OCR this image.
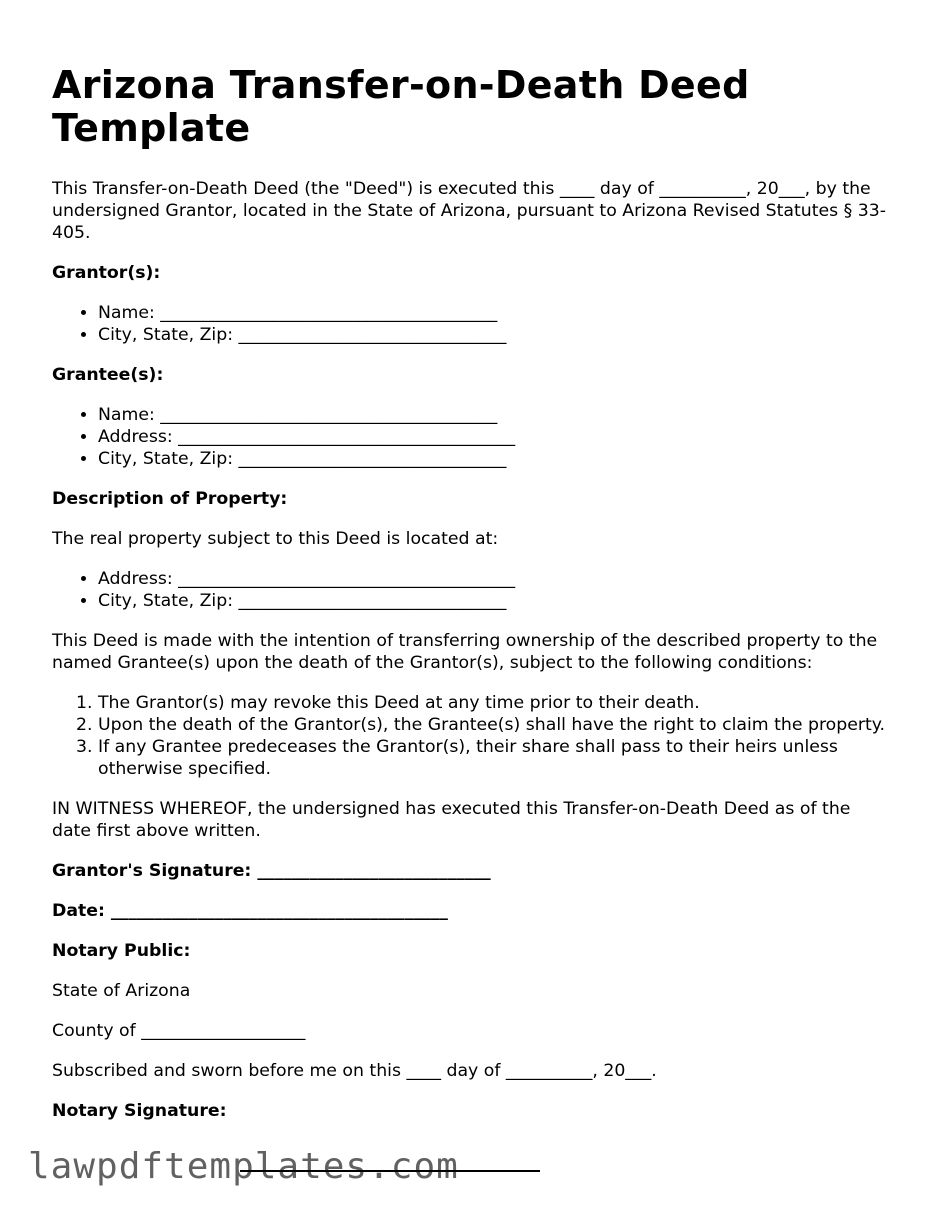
Arizona Transfer-on-Death Deed Template

This Transfer-on-Death Deed (the "Deed") is executed this ____ day of __________, 20___, by the undersigned Grantor, located in the State of Arizona, pursuant to Arizona Revised Statutes § 33-405.

Grantor(s):

• Name: _______________________________________
• City, State, Zip: _______________________________

Grantee(s):

• Name: _______________________________________
• Address: _______________________________________
• City, State, Zip: _______________________________

Description of Property:

The real property subject to this Deed is located at:

• Address: _______________________________________
• City, State, Zip: _______________________________

This Deed is made with the intention of transferring ownership of the described property to the named Grantee(s) upon the death of the Grantor(s), subject to the following conditions:

1. The Grantor(s) may revoke this Deed at any time prior to their death.
2. Upon the death of the Grantor(s), the Grantee(s) shall have the right to claim the property.
3. If any Grantee predeceases the Grantor(s), their share shall pass to their heirs unless otherwise specified.

IN WITNESS WHEREOF, the undersigned has executed this Transfer-on-Death Deed as of the date first above written.

Grantor's Signature: ___________________________

Date: _______________________________________

Notary Public:

State of Arizona

County of ___________________

Subscribed and sworn before me on this ____ day of __________, 20___.

Notary Signature:

lawpdftemplates.com
